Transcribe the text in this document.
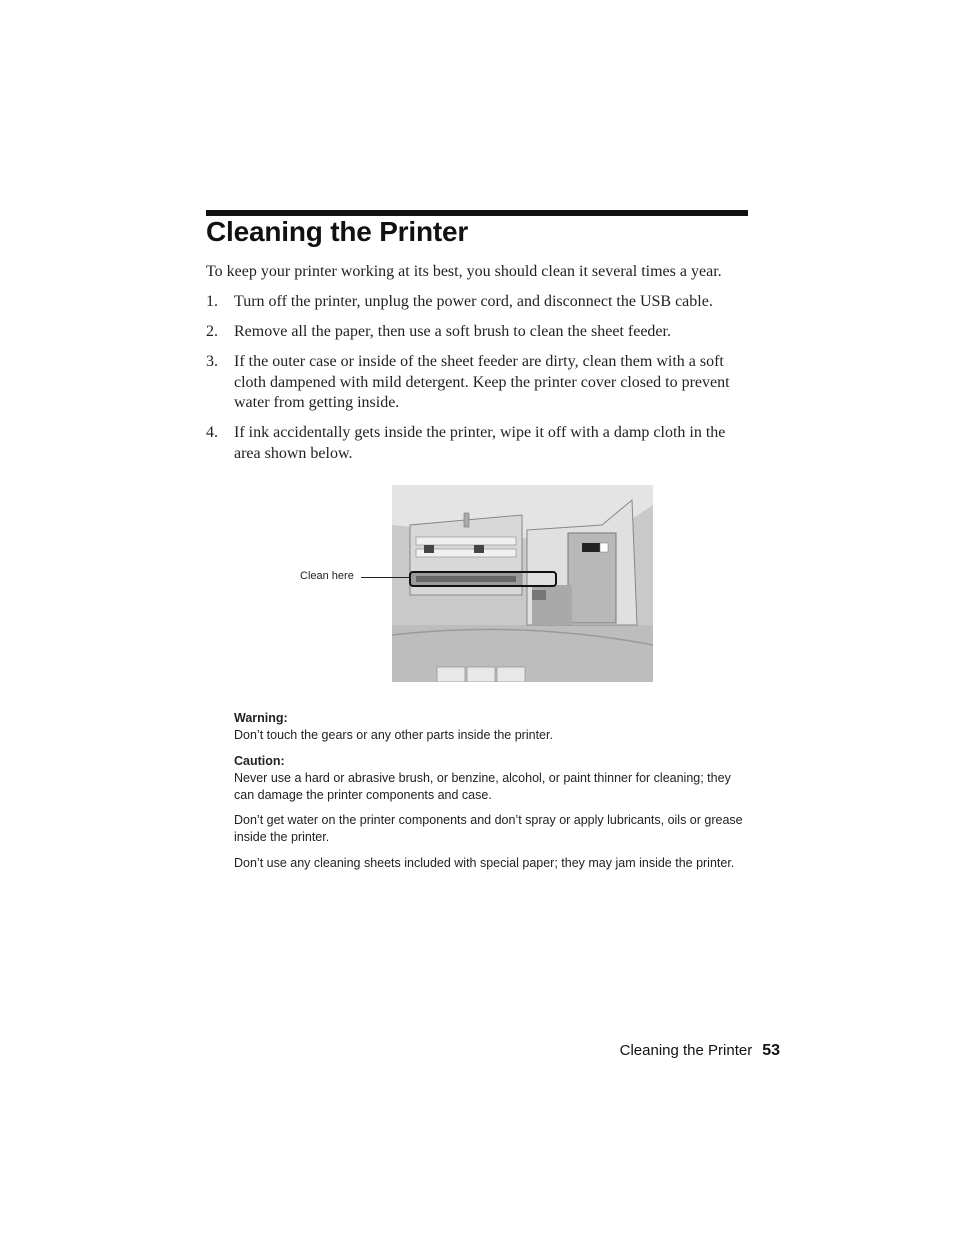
Cleaning the Printer

To keep your printer working at its best, you should clean it several times a year.

1. Turn off the printer, unplug the power cord, and disconnect the USB cable.
2. Remove all the paper, then use a soft brush to clean the sheet feeder.
3. If the outer case or inside of the sheet feeder are dirty, clean them with a soft cloth dampened with mild detergent. Keep the printer cover closed to prevent water from getting inside.
4. If ink accidentally gets inside the printer, wipe it off with a damp cloth in the area shown below.
Clean here

Warning:

Don’t touch the gears or any other parts inside the printer.

Caution:

Never use a hard or abrasive brush, or benzine, alcohol, or paint thinner for cleaning; they can damage the printer components and case.

Don’t get water on the printer components and don’t spray or apply lubricants, oils or grease inside the printer.

Don’t use any cleaning sheets included with special paper; they may jam inside the printer.

Cleaning the Printer 53
